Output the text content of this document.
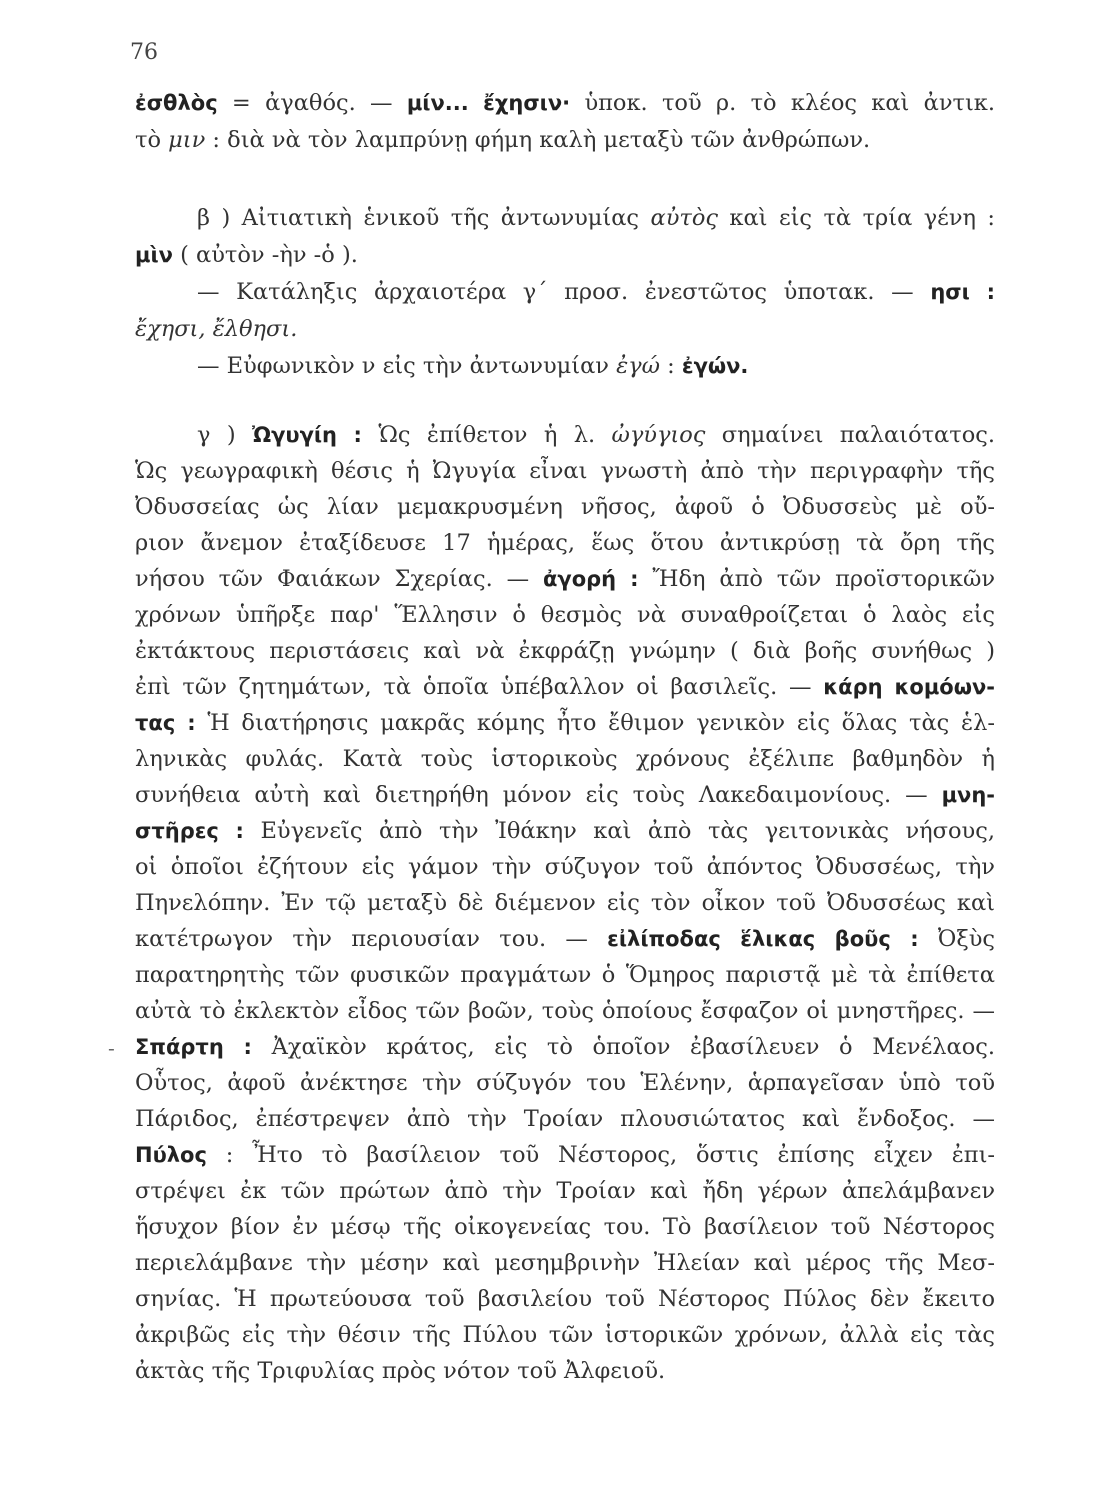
76
-
ἐσθλὸς = ἀγαθός. — μίν... ἔχησιν· ὑποκ. τοῦ ρ. τὸ κλέος καὶ ἀντικ.
τὸ μιν : διὰ νὰ τὸν λαμπρύνῃ φήμη καλὴ μεταξὺ τῶν ἀνθρώπων.
β ) Αἰτιατικὴ ἑνικοῦ τῆς ἀντωνυμίας αὐτὸς καὶ εἰς τὰ τρία γένη :
μὶν ( αὐτὸν -ὴν -ὁ ).
— Κατάληξις ἀρχαιοτέρα γ΄ προσ. ἐνεστῶτος ὑποτακ. — ησι :
ἔχησι, ἔλθησι.
— Εὐφωνικὸν ν εἰς τὴν ἀντωνυμίαν ἐγώ : ἐγών.
γ ) Ὠγυγίη : Ὡς ἐπίθετον ἡ λ. ὠγύγιος σημαίνει παλαιότατος.
Ὡς γεωγραφικὴ θέσις ἡ Ὠγυγία εἶναι γνωστὴ ἀπὸ τὴν περιγραφὴν τῆς
Ὀδυσσείας ὡς λίαν μεμακρυσμένη νῆσος, ἀφοῦ ὁ Ὀδυσσεὺς μὲ οὔ-
ριον ἄνεμον ἐταξίδευσε 17 ἡμέρας, ἕως ὅτου ἀντικρύσῃ τὰ ὄρη τῆς
νήσου τῶν Φαιάκων Σχερίας. — ἀγορή : Ἤδη ἀπὸ τῶν προϊστορικῶν
χρόνων ὑπῆρξε παρ' Ἕλλησιν ὁ θεσμὸς νὰ συναθροίζεται ὁ λαὸς εἰς
ἐκτάκτους περιστάσεις καὶ νὰ ἐκφράζῃ γνώμην ( διὰ βοῆς συνήθως )
ἐπὶ τῶν ζητημάτων, τὰ ὁποῖα ὑπέβαλλον οἱ βασιλεῖς. — κάρη κομόων-
τας : Ἡ διατήρησις μακρᾶς κόμης ἦτο ἔθιμον γενικὸν εἰς ὅλας τὰς ἑλ-
ληνικὰς φυλάς. Κατὰ τοὺς ἱστορικοὺς χρόνους ἐξέλιπε βαθμηδὸν ἡ
συνήθεια αὐτὴ καὶ διετηρήθη μόνον εἰς τοὺς Λακεδαιμονίους. — μνη-
στῆρες : Εὐγενεῖς ἀπὸ τὴν Ἰθάκην καὶ ἀπὸ τὰς γειτονικὰς νήσους,
οἱ ὁποῖοι ἐζήτουν εἰς γάμον τὴν σύζυγον τοῦ ἀπόντος Ὀδυσσέως, τὴν
Πηνελόπην. Ἐν τῷ μεταξὺ δὲ διέμενον εἰς τὸν οἶκον τοῦ Ὀδυσσέως καὶ
κατέτρωγον τὴν περιουσίαν του. — εἰλίποδας ἕλικας βοῦς : Ὀξὺς
παρατηρητὴς τῶν φυσικῶν πραγμάτων ὁ Ὅμηρος παριστᾷ μὲ τὰ ἐπίθετα
αὐτὰ τὸ ἐκλεκτὸν εἶδος τῶν βοῶν, τοὺς ὁποίους ἔσφαζον οἱ μνηστῆρες. —
Σπάρτη : Ἀχαϊκὸν κράτος, εἰς τὸ ὁποῖον ἐβασίλευεν ὁ Μενέλαος.
Οὗτος, ἀφοῦ ἀνέκτησε τὴν σύζυγόν του Ἑλένην, ἁρπαγεῖσαν ὑπὸ τοῦ
Πάριδος, ἐπέστρεψεν ἀπὸ τὴν Τροίαν πλουσιώτατος καὶ ἔνδοξος. —
Πύλος : Ἦτο τὸ βασίλειον τοῦ Νέστορος, ὅστις ἐπίσης εἶχεν ἐπι-
στρέψει ἐκ τῶν πρώτων ἀπὸ τὴν Τροίαν καὶ ἤδη γέρων ἀπελάμβανεν
ἥσυχον βίον ἐν μέσῳ τῆς οἰκογενείας του. Τὸ βασίλειον τοῦ Νέστορος
περιελάμβανε τὴν μέσην καὶ μεσημβρινὴν Ἠλείαν καὶ μέρος τῆς Μεσ-
σηνίας. Ἡ πρωτεύουσα τοῦ βασιλείου τοῦ Νέστορος Πύλος δὲν ἔκειτο
ἀκριβῶς εἰς τὴν θέσιν τῆς Πύλου τῶν ἱστορικῶν χρόνων, ἀλλὰ εἰς τὰς
ἀκτὰς τῆς Τριφυλίας πρὸς νότον τοῦ Ἀλφειοῦ.
